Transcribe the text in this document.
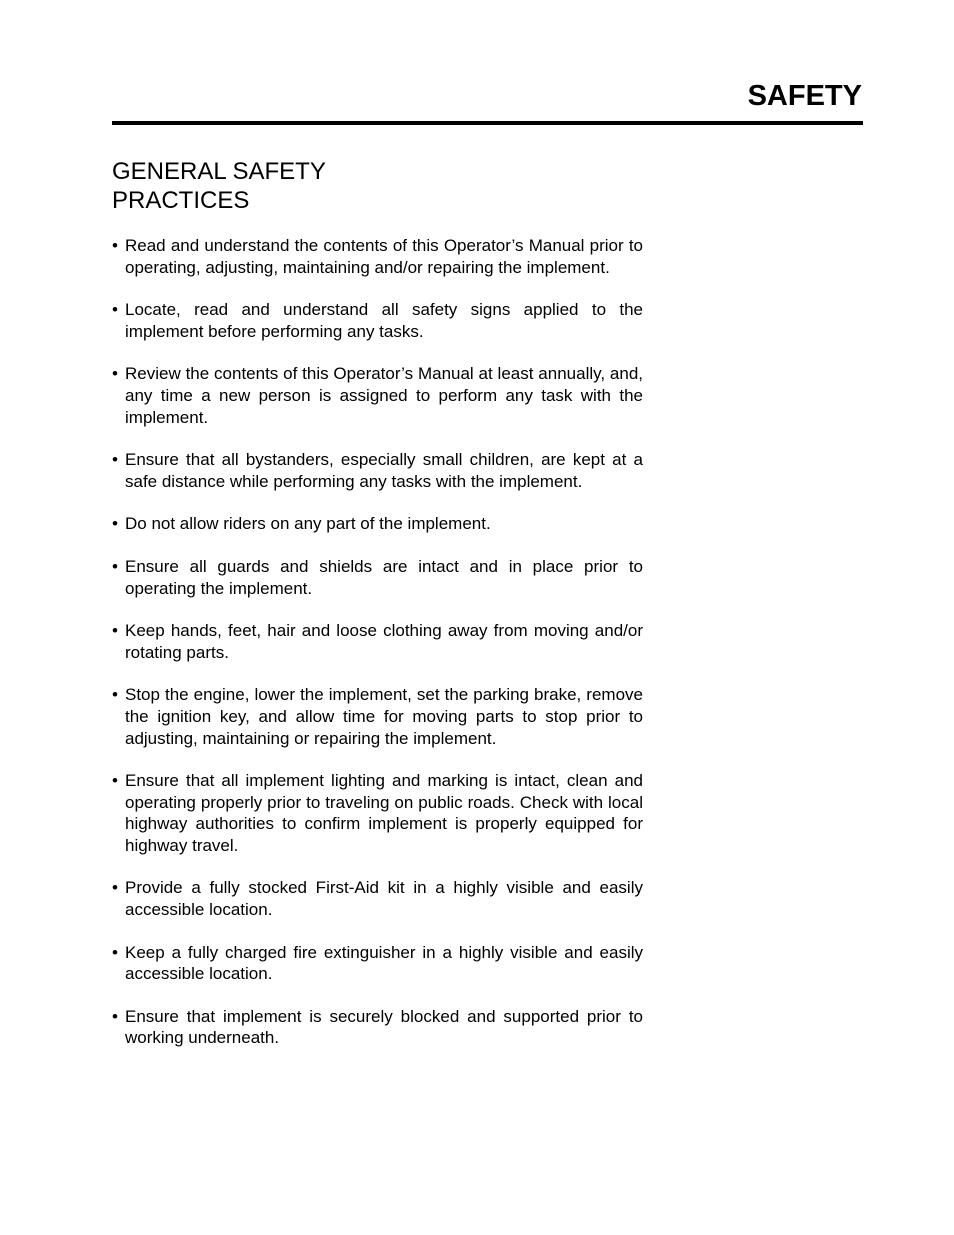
SAFETY
GENERAL SAFETY
PRACTICES
• Read and understand the contents of this Operator’s Manual prior to operating, adjusting, maintaining and/or repairing the implement.
• Locate, read and understand all safety signs applied to the implement before performing any tasks.
• Review the contents of this Operator’s Manual at least annually, and, any time a new person is assigned to perform any task with the implement.
• Ensure that all bystanders, especially small children, are kept at a safe distance while performing any tasks with the implement.
• Do not allow riders on any part of the implement.
• Ensure all guards and shields are intact and in place prior to operating the implement.
• Keep hands, feet, hair and loose clothing away from moving and/or rotating parts.
• Stop the engine, lower the implement, set the parking brake, remove the ignition key, and allow time for moving parts to stop prior to adjusting, maintaining or repairing the implement.
• Ensure that all implement lighting and marking is intact, clean and operating properly prior to traveling on public roads. Check with local highway authorities to confirm implement is properly equipped for highway travel.
• Provide a fully stocked First-Aid kit in a highly visible and easily accessible location.
• Keep a fully charged fire extinguisher in a highly visible and easily accessible location.
• Ensure that implement is securely blocked and supported prior to working underneath.
